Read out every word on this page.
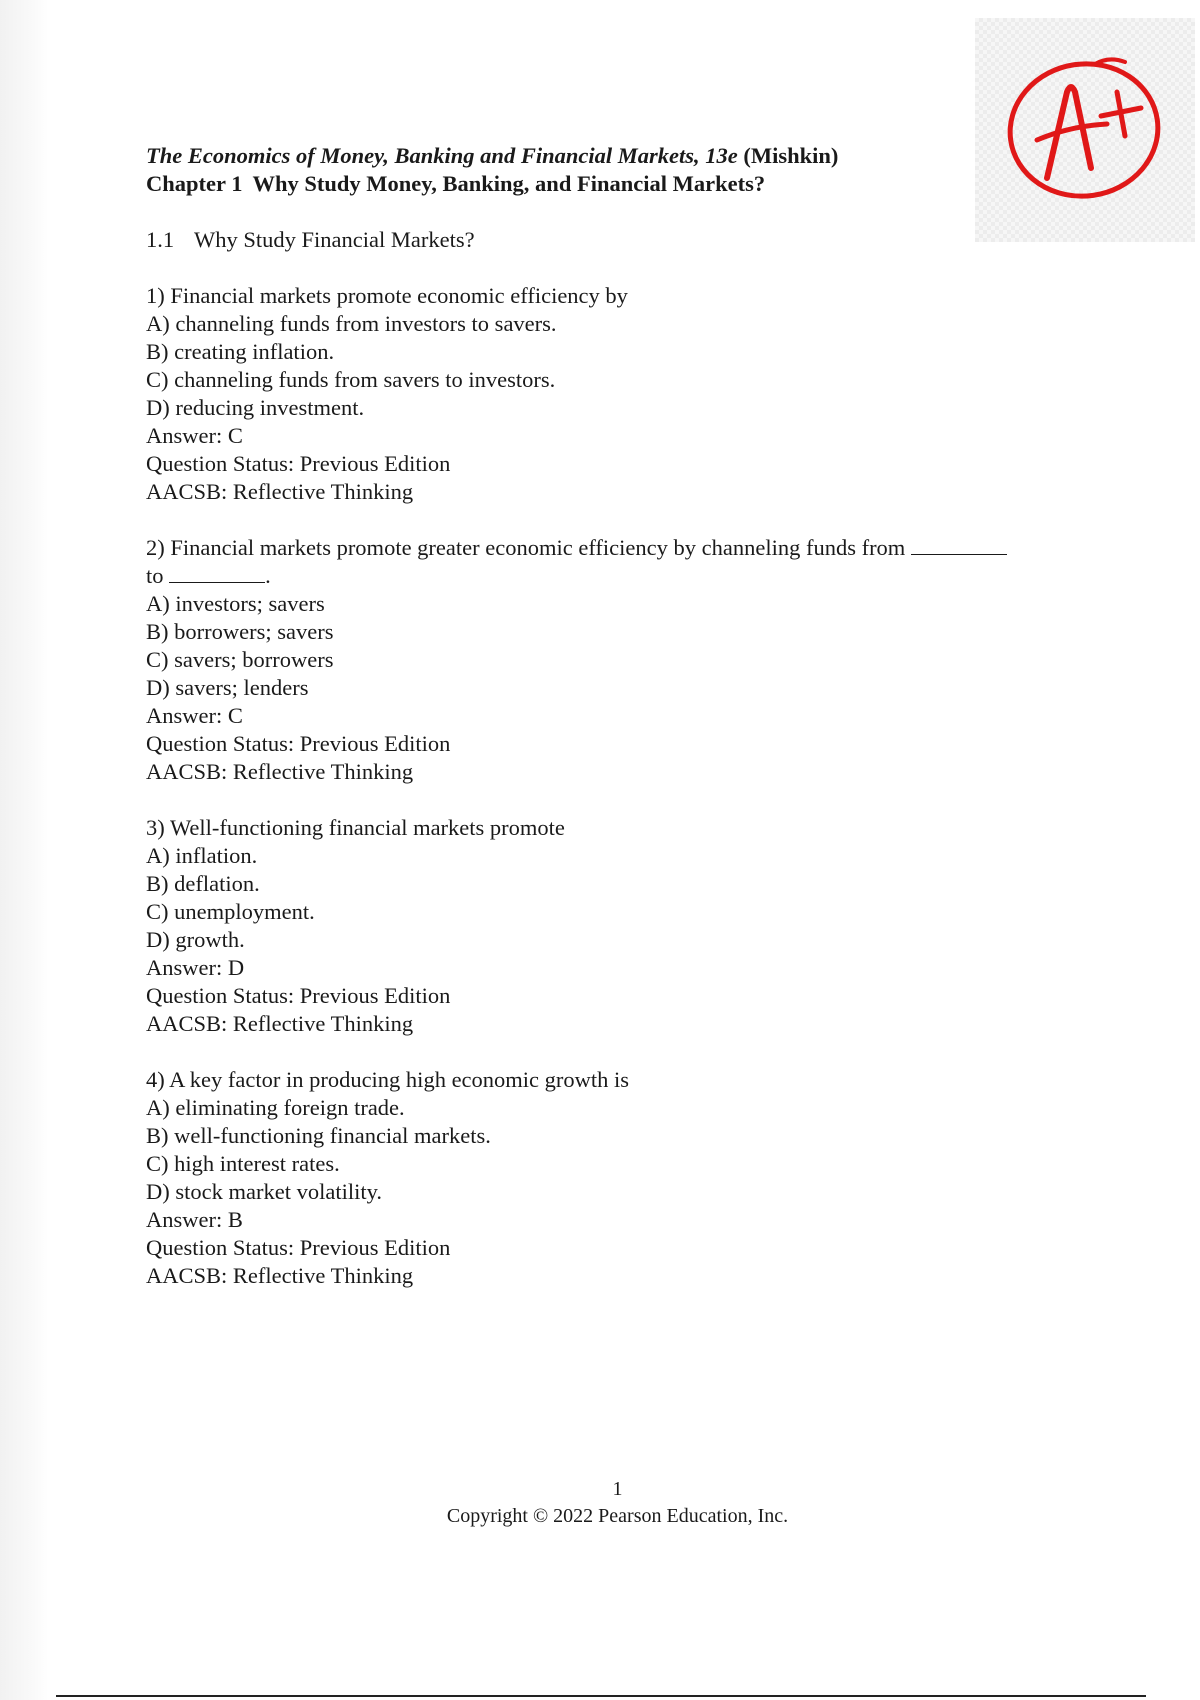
The Economics of Money, Banking and Financial Markets, 13e (Mishkin)
Chapter 1 Why Study Money, Banking, and Financial Markets?
1.1 Why Study Financial Markets?
1) Financial markets promote economic efficiency by
A) channeling funds from investors to savers.
B) creating inflation.
C) channeling funds from savers to investors.
D) reducing investment.
Answer: C
Question Status: Previous Edition
AACSB: Reflective Thinking
2) Financial markets promote greater economic efficiency by channeling funds from
to	.
A) investors; savers
B) borrowers; savers
C) savers; borrowers
D) savers; lenders
Answer: C
Question Status: Previous Edition
AACSB: Reflective Thinking
3) Well-functioning financial markets promote
A) inflation.
B) deflation.
C) unemployment.
D) growth.
Answer: D
Question Status: Previous Edition
AACSB: Reflective Thinking
4) A key factor in producing high economic growth is
A) eliminating foreign trade.
B) well-functioning financial markets.
C) high interest rates.
D) stock market volatility.
Answer: B
Question Status: Previous Edition
AACSB: Reflective Thinking
1
Copyright © 2022 Pearson Education, Inc.
